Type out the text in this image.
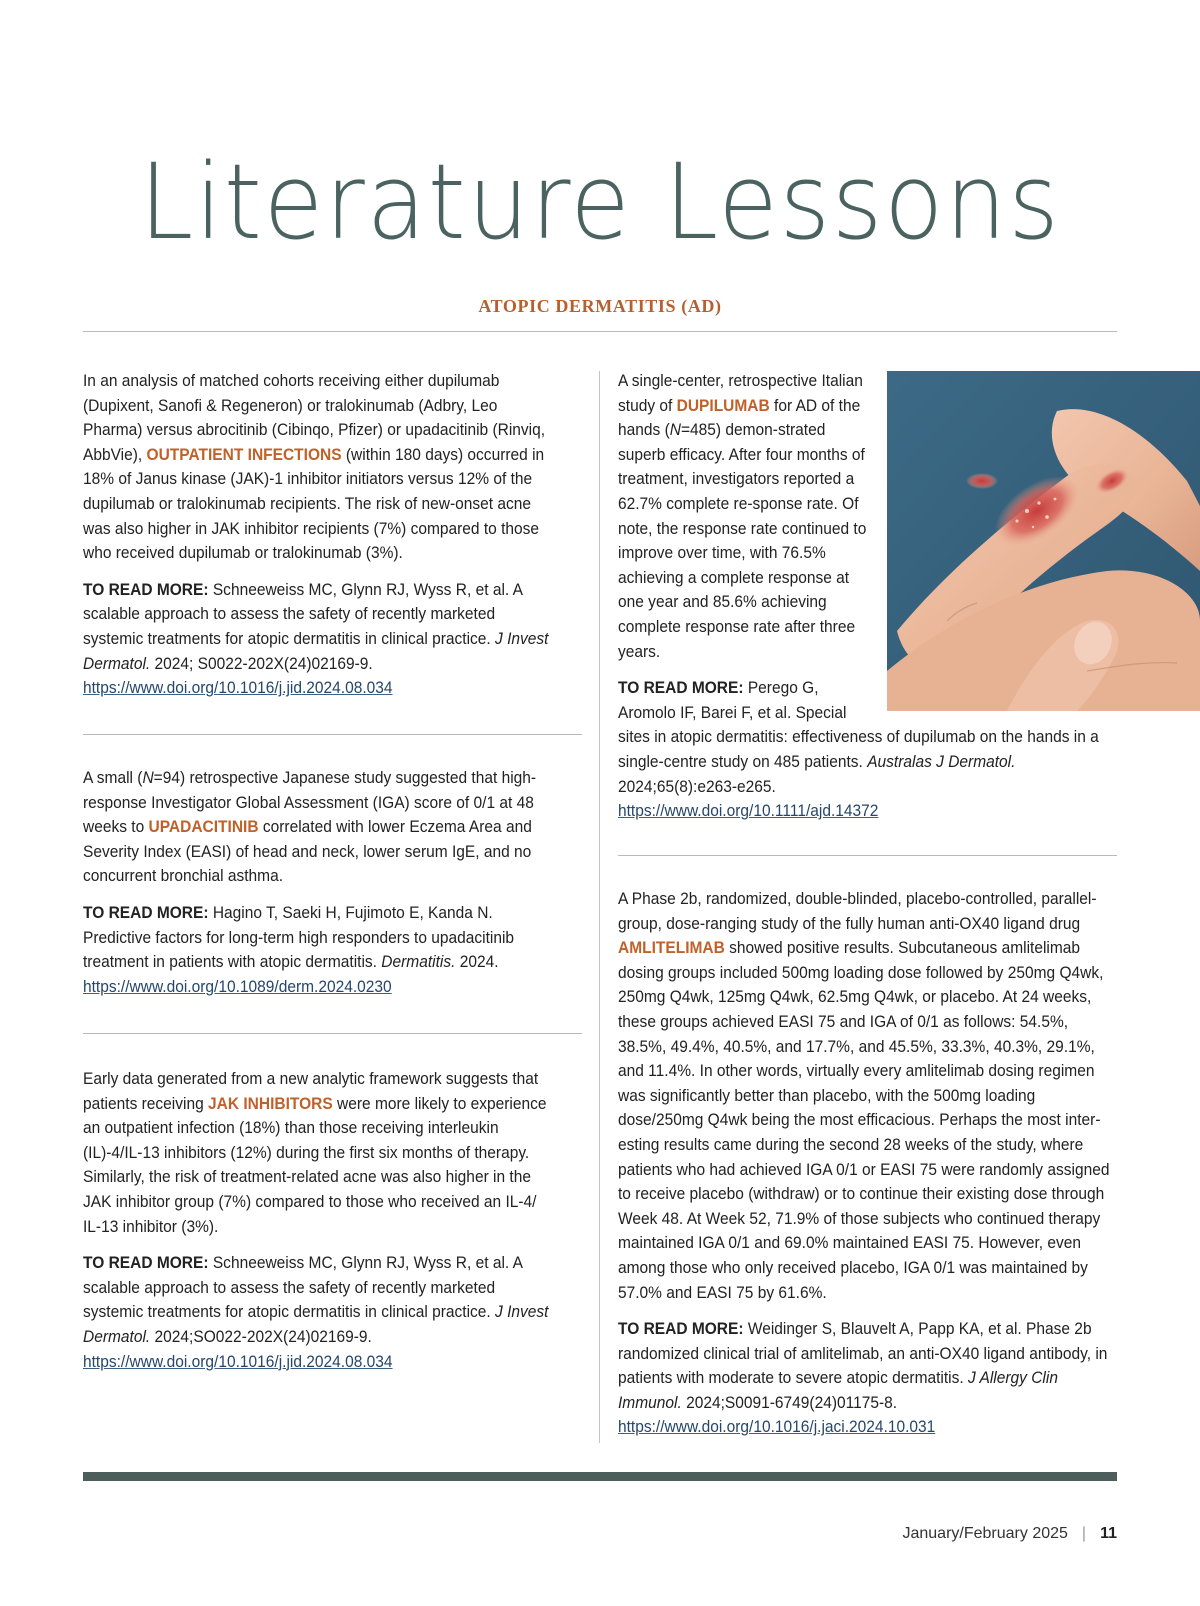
Literature Lessons
ATOPIC DERMATITIS (AD)

In an analysis of matched cohorts receiving either dupilumab (Dupixent, Sanofi & Regeneron) or tralokinumab (Adbry, Leo Pharma) versus abrocitinib (Cibinqo, Pfizer) or upadacitinib (Rinviq, AbbVie), OUTPATIENT INFECTIONS (within 180 days) occurred in 18% of Janus kinase (JAK)-1 inhibitor initiators versus 12% of the dupilumab or tralokinumab recipients. The risk of new-onset acne was also higher in JAK inhibitor recipients (7%) compared to those who received dupilumab or tralokinumab (3%).

TO READ MORE: Schneeweiss MC, Glynn RJ, Wyss R, et al. A scalable approach to assess the safety of recently marketed systemic treatments for atopic dermatitis in clinical practice. J Invest Dermatol. 2024; S0022-202X(24)02169-9.
https://www.doi.org/10.1016/j.jid.2024.08.034

A small (N=94) retrospective Japanese study suggested that high-response Investigator Global Assessment (IGA) score of 0/1 at 48 weeks to UPADACITINIB correlated with lower Eczema Area and Severity Index (EASI) of head and neck, lower serum IgE, and no concurrent bronchial asthma.

TO READ MORE: Hagino T, Saeki H, Fujimoto E, Kanda N. Predictive factors for long-term high responders to upadacitinib treatment in patients with atopic dermatitis. Dermatitis. 2024.
https://www.doi.org/10.1089/derm.2024.0230

Early data generated from a new analytic framework suggests that patients receiving JAK INHIBITORS were more likely to experience an outpatient infection (18%) than those receiving interleukin (IL)-4/IL-13 inhibitors (12%) during the first six months of therapy. Similarly, the risk of treatment-related acne was also higher in the JAK inhibitor group (7%) compared to those who received an IL-4/ IL-13 inhibitor (3%).

TO READ MORE: Schneeweiss MC, Glynn RJ, Wyss R, et al. A scalable approach to assess the safety of recently marketed systemic treatments for atopic dermatitis in clinical practice. J Invest Dermatol. 2024;SO022-202X(24)02169-9.
https://www.doi.org/10.1016/j.jid.2024.08.034

A single-center, retrospective Italian study of DUPILUMAB for AD of the hands (N=485) demon-strated superb efficacy. After four months of treatment, investigators reported a 62.7% complete re-sponse rate. Of note, the response rate continued to improve over time, with 76.5% achieving a complete response at one year and 85.6% achieving complete response rate after three years.

TO READ MORE: Perego G, Aromolo IF, Barei F, et al. Special sites in atopic dermatitis: effectiveness of dupilumab on the hands in a single-centre study on 485 patients. Australas J Dermatol. 2024;65(8):e263-e265.
https://www.doi.org/10.1111/ajd.14372

A Phase 2b, randomized, double-blinded, placebo-controlled, parallel-group, dose-ranging study of the fully human anti-OX40 ligand drug AMLITELIMAB showed positive results. Subcutaneous amlitelimab dosing groups included 500mg loading dose followed by 250mg Q4wk, 250mg Q4wk, 125mg Q4wk, 62.5mg Q4wk, or placebo. At 24 weeks, these groups achieved EASI 75 and IGA of 0/1 as follows: 54.5%, 38.5%, 49.4%, 40.5%, and 17.7%, and 45.5%, 33.3%, 40.3%, 29.1%, and 11.4%. In other words, virtually every amlitelimab dosing regimen was significantly better than placebo, with the 500mg loading dose/250mg Q4wk being the most efficacious. Perhaps the most inter-esting results came during the second 28 weeks of the study, where patients who had achieved IGA 0/1 or EASI 75 were randomly assigned to receive placebo (withdraw) or to continue their existing dose through Week 48. At Week 52, 71.9% of those subjects who continued therapy maintained IGA 0/1 and 69.0% maintained EASI 75. However, even among those who only received placebo, IGA 0/1 was maintained by 57.0% and EASI 75 by 61.6%.

TO READ MORE: Weidinger S, Blauvelt A, Papp KA, et al. Phase 2b randomized clinical trial of amlitelimab, an anti-OX40 ligand antibody, in patients with moderate to severe atopic dermatitis. J Allergy Clin Immunol. 2024;S0091-6749(24)01175-8.
https://www.doi.org/10.1016/j.jaci.2024.10.031

January/February 2025 | 11
